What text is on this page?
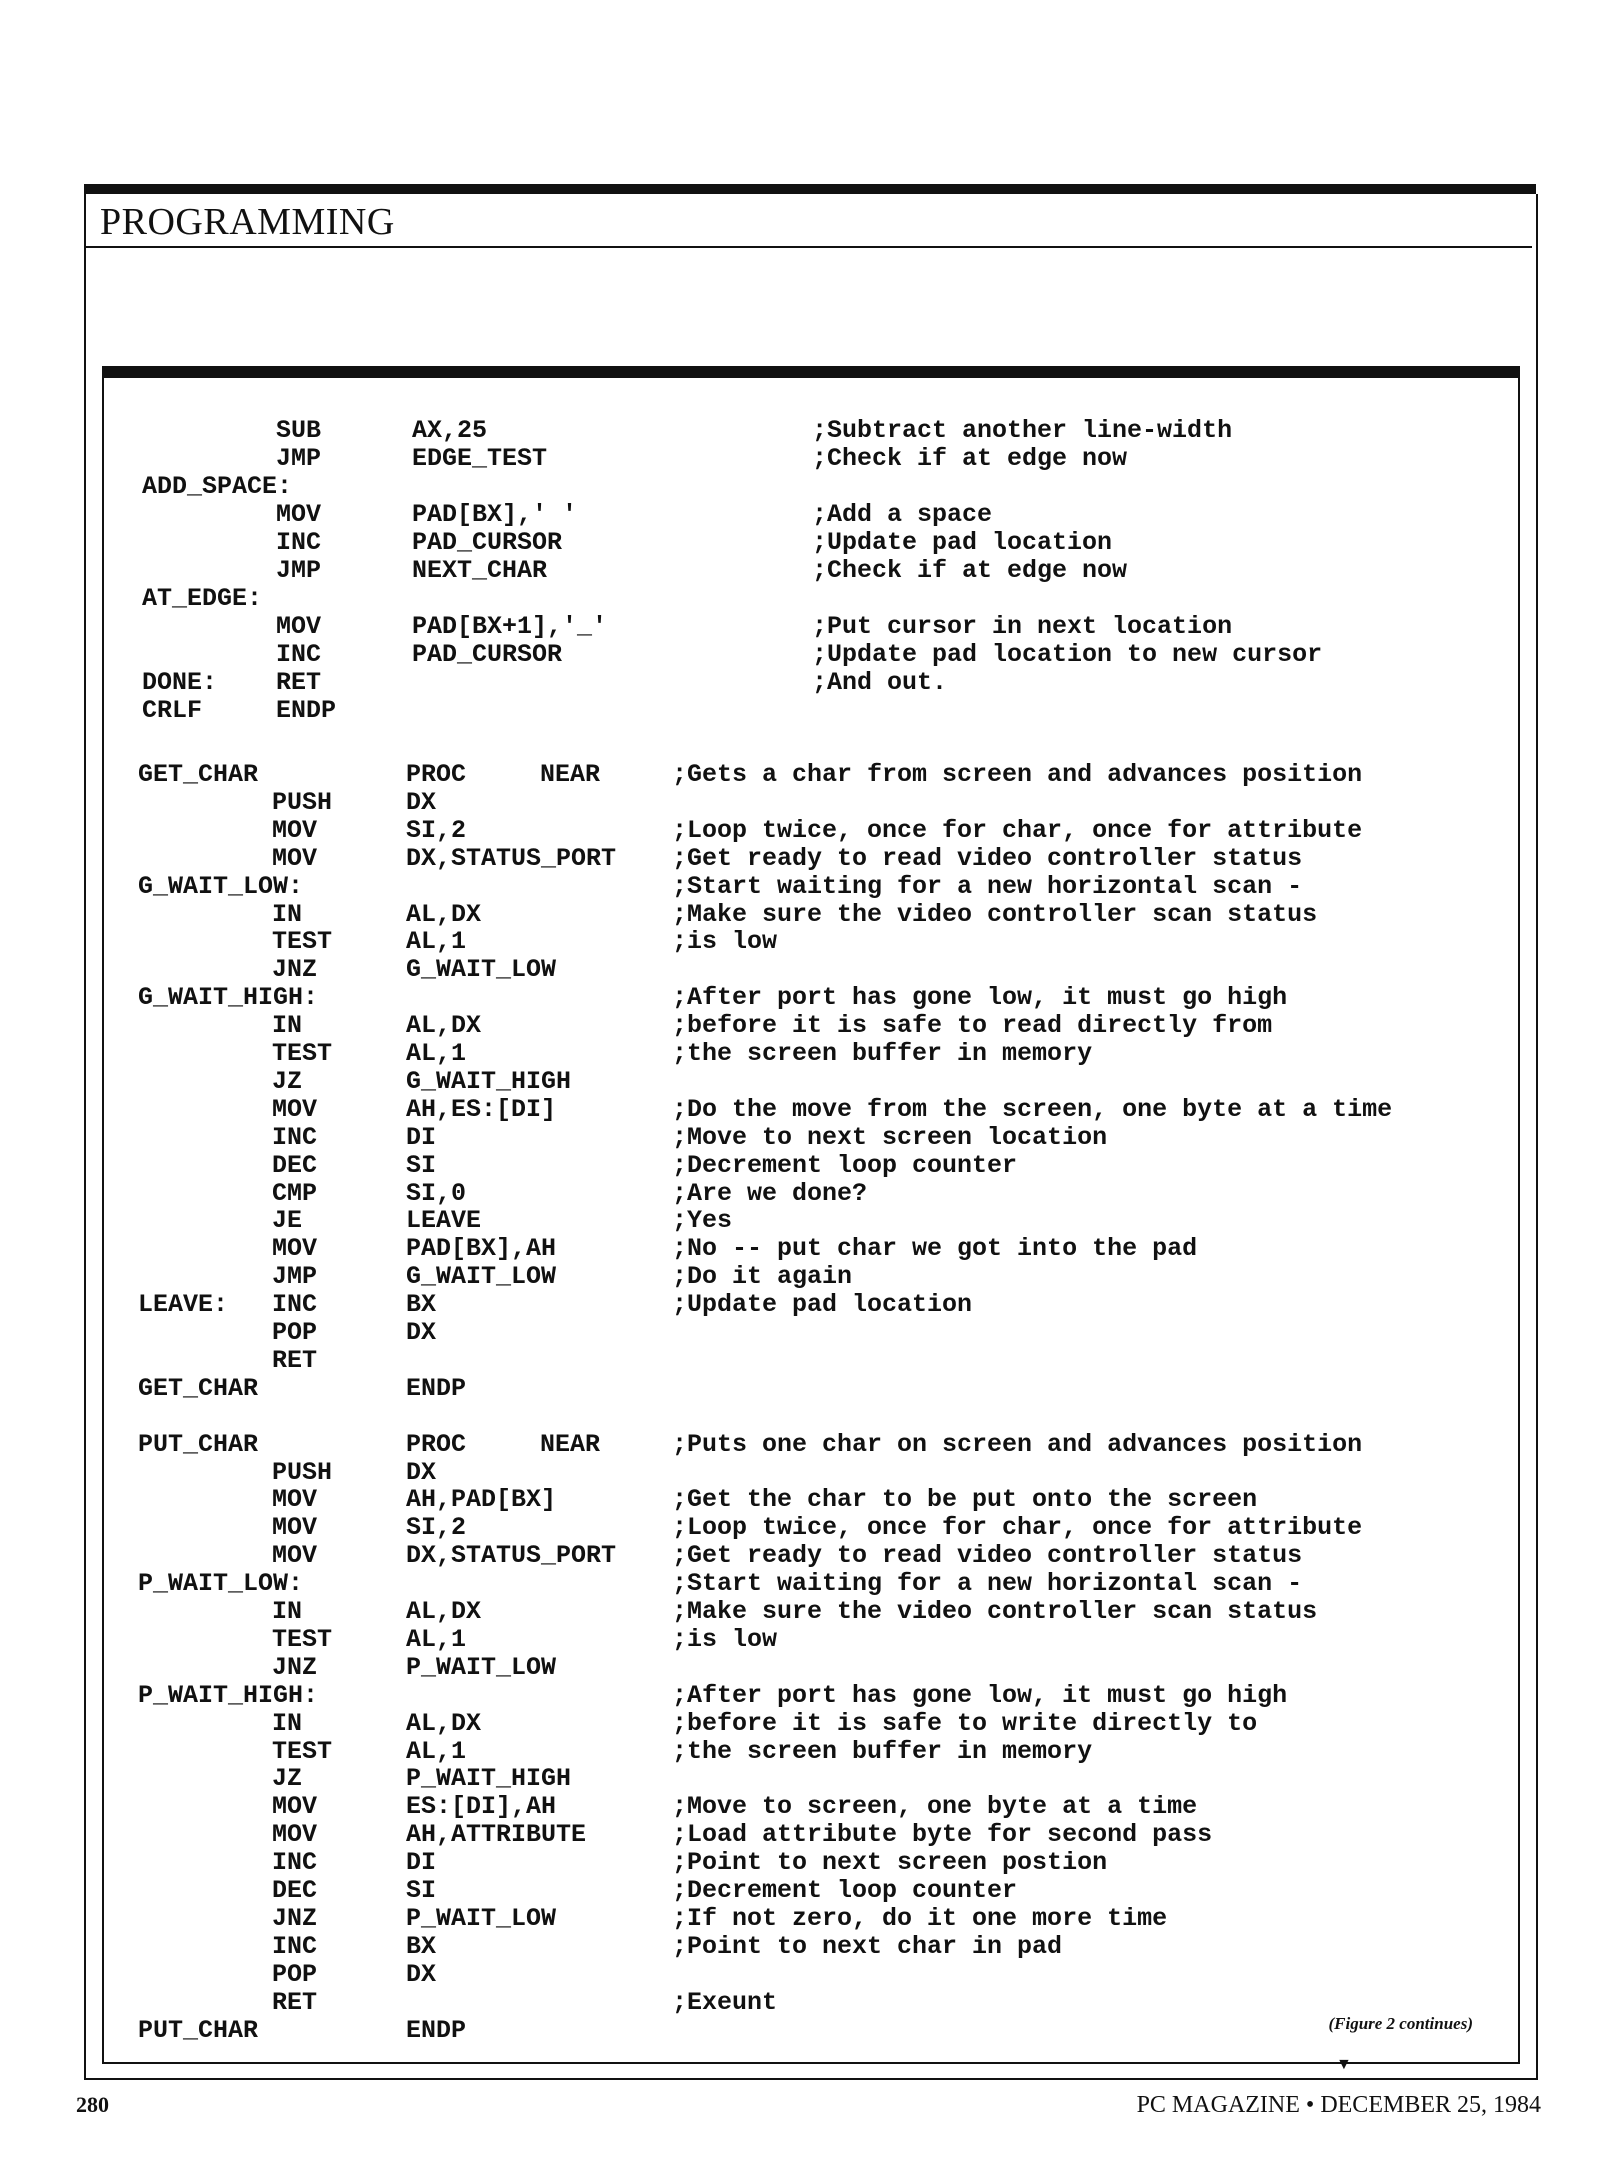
PROGRAMMING
SUB	AX,25	;Subtract another line-width
JMP	EDGE_TEST	;Check if at edge now
ADD_SPACE:
MOV	PAD[BX],' '	;Add a space
INC	PAD_CURSOR	;Update pad location
JMP	NEXT_CHAR	;Check if at edge now
AT_EDGE:
MOV	PAD[BX+1],'_'	;Put cursor in next location
INC	PAD_CURSOR	;Update pad location to new cursor
DONE: RET	;And out.
CRLF	ENDP
GET_CHAR	PROC	NEAR	;Gets a char from screen and advances position
PUSH	DX
MOV	SI,2	;Loop twice, once for char, once for attribute
MOV	DX,STATUS_PORT ;Get ready to read video controller status
G_WAIT_LOW:	;Start waiting for a new horizontal scan -
IN	AL,DX	;Make sure the video controller scan status
TEST	AL,1	;is low
JNZ	G_WAIT_LOW
G_WAIT_HIGH:	;After port has gone low, it must go high
IN	AL,DX	;before it is safe to read directly from
TEST	AL,1	;the screen buffer in memory
JZ	G_WAIT_HIGH
MOV	AH,ES:[DI]	;Do the move from the screen, one byte at a time
INC	DI	;Move to next screen location
DEC	SI	;Decrement loop counter
CMP	SI,0	;Are we done?
JE	LEAVE	;Yes
MOV	PAD[BX],AH	;No -- put char we got into the pad
JMP	G_WAIT_LOW	;Do it again
LEAVE: INC	BX	;Update pad location
POP	DX
RET
GET_CHAR	ENDP
PUT_CHAR	PROC	NEAR	;Puts one char on screen and advances position
PUSH	DX
MOV	AH,PAD[BX]	;Get the char to be put onto the screen
MOV	SI,2	;Loop twice, once for char, once for attribute
MOV	DX,STATUS_PORT ;Get ready to read video controller status
P_WAIT_LOW:	;Start waiting for a new horizontal scan -
IN	AL,DX	;Make sure the video controller scan status
TEST	AL,1	;is low
JNZ	P_WAIT_LOW
P_WAIT_HIGH:	;After port has gone low, it must go high
IN	AL,DX	;before it is safe to write directly to
TEST	AL,1	;the screen buffer in memory
JZ	P_WAIT_HIGH
MOV	ES:[DI],AH	;Move to screen, one byte at a time
MOV	AH,ATTRIBUTE	;Load attribute byte for second pass
INC	DI	;Point to next screen postion
DEC	SI	;Decrement loop counter
JNZ	P_WAIT_LOW	;If not zero, do it one more time
INC	BX	;Point to next char in pad
POP	DX
RET	;Exeunt
PUT_CHAR	ENDP	(Figure 2 continues)
▼
280	PC MAGAZINE • DECEMBER 25, 1984
